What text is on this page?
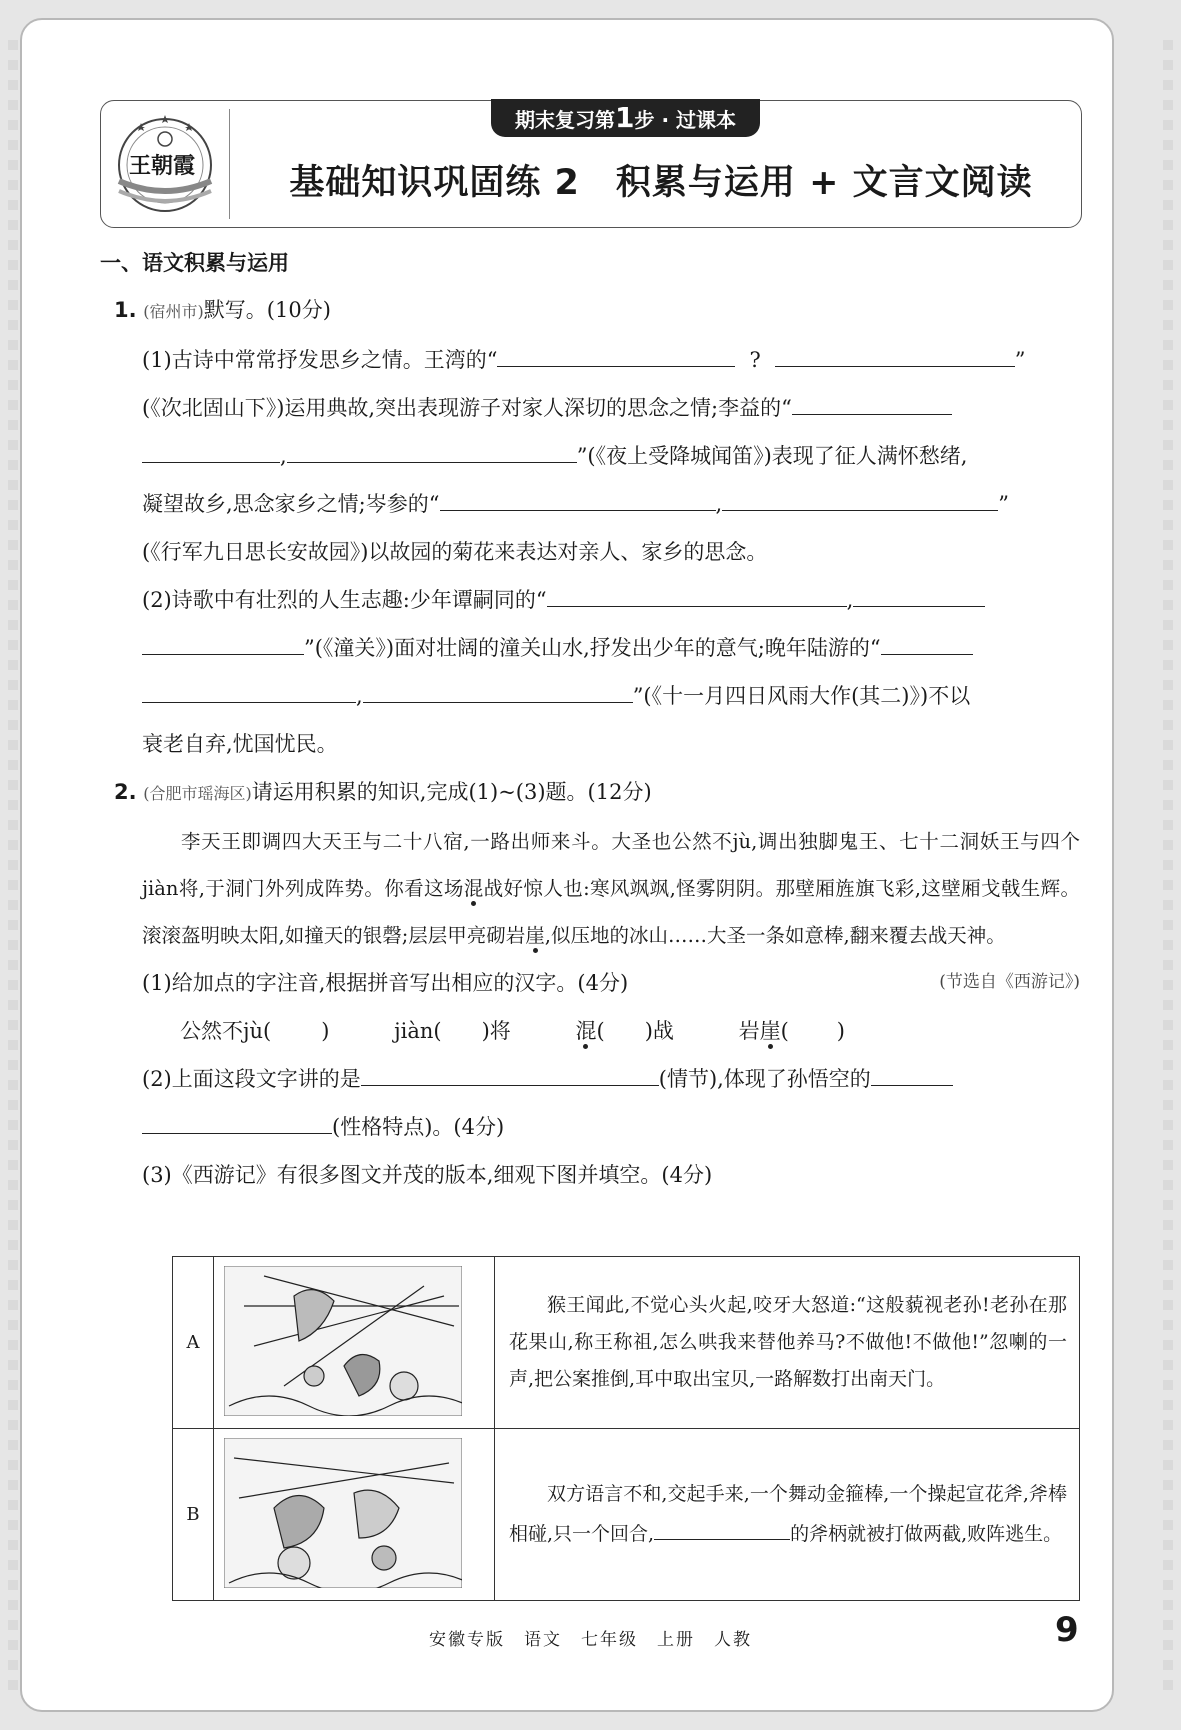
王朝霞
期末复习第1步 · 过课本
基础知识巩固练 2　积累与运用 + 文言文阅读
一、语文积累与运用
1. (宿州市)默写。(10分)
(1)古诗中常常抒发思乡之情。王湾的“	?	”
(《次北固山下》)运用典故,突出表现游子对家人深切的思念之情;李益的“
,	”(《夜上受降城闻笛》)表现了征人满怀愁绪,
凝望故乡,思念家乡之情;岑参的“	,	”
(《行军九日思长安故园》)以故园的菊花来表达对亲人、家乡的思念。
(2)诗歌中有壮烈的人生志趣:少年谭嗣同的“	,
”(《潼关》)面对壮阔的潼关山水,抒发出少年的意气;晚年陆游的“
,	”(《十一月四日风雨大作(其二)》)不以
衰老自弃,忧国忧民。
2. (合肥市瑶海区)请运用积累的知识,完成(1)~(3)题。(12分)
李天王即调四大天王与二十八宿,一路出师来斗。大圣也公然不jù,调出独脚鬼王、七十二洞妖王与四个jiàn将,于洞门外列成阵势。你看这场混战好惊人也:寒风飒飒,怪雾阴阴。那壁厢旌旗飞彩,这壁厢戈戟生辉。滚滚盔明映太阳,如撞天的银磬;层层甲亮砌岩崖,似压地的冰山……大圣一条如意棒,翻来覆去战天神。
(节选自《西游记》)
(1)给加点的字注音,根据拼音写出相应的汉字。(4分)
公然不jù( )	jiàn( )将	混( )战	岩崖( )
(2)上面这段文字讲的是	(情节),体现了孙悟空的
(性格特点)。(4分)
(3)《西游记》有很多图文并茂的版本,细观下图并填空。(4分)
A		猴王闻此,不觉心头火起,咬牙大怒道:“这般藐视老孙!老孙在那花果山,称王称祖,怎么哄我来替他养马?不做他!不做他!”忽喇的一声,把公案推倒,耳中取出宝贝,一路解数打出南天门。
B		双方语言不和,交起手来,一个舞动金箍棒,一个操起宣花斧,斧棒相碰,只一个回合, 的斧柄就被打做两截,败阵逃生。
安徽专版　语文　七年级　上册　人教	9
